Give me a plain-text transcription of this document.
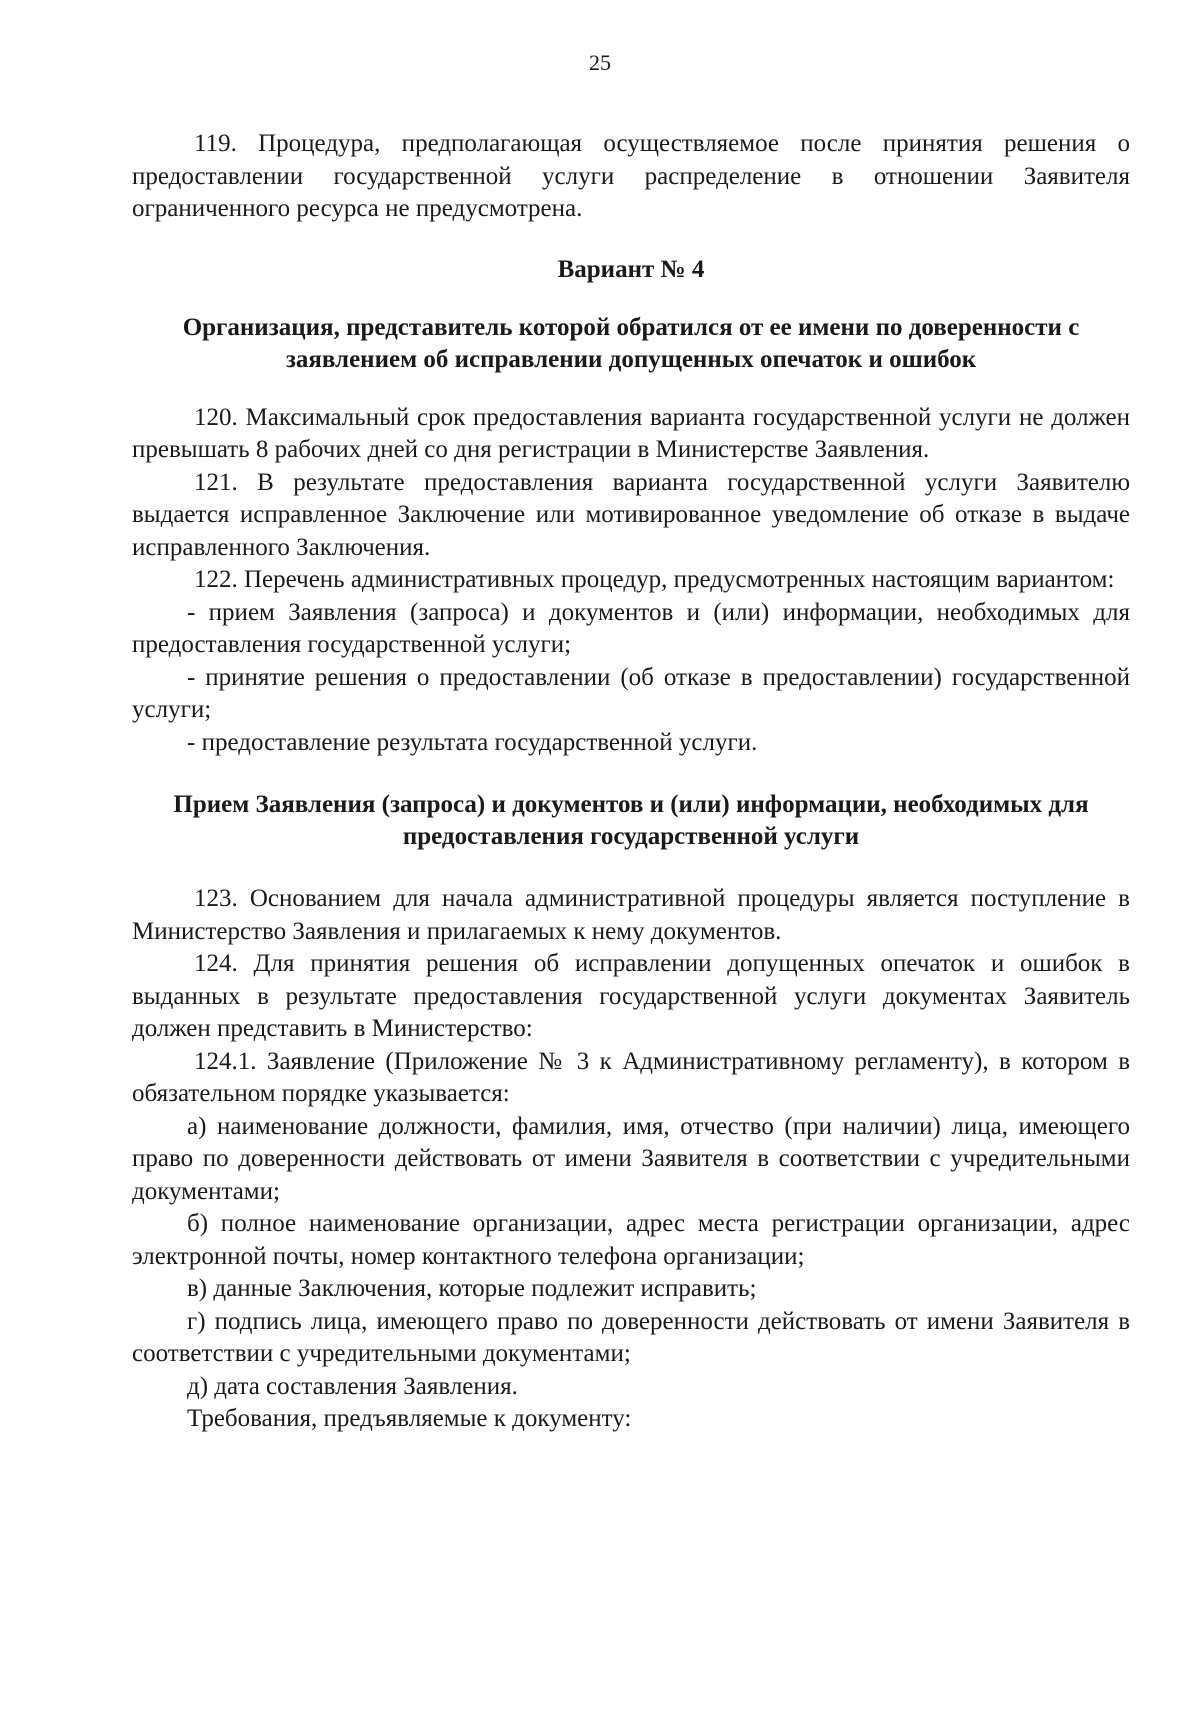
25

119. Процедура, предполагающая осуществляемое после принятия решения о предоставлении государственной услуги распределение в отношении Заявителя ограниченного ресурса не предусмотрена.

Вариант № 4
Организация, представитель которой обратился от ее имени по доверенности с заявлением об исправлении допущенных опечаток и ошибок

120. Максимальный срок предоставления варианта государственной услуги не должен превышать 8 рабочих дней со дня регистрации в Министерстве Заявления.

121. В результате предоставления варианта государственной услуги Заявителю выдается исправленное Заключение или мотивированное уведомление об отказе в выдаче исправленного Заключения.

122. Перечень административных процедур, предусмотренных настоящим вариантом:

- прием Заявления (запроса) и документов и (или) информации, необходимых для предоставления государственной услуги;

- принятие решения о предоставлении (об отказе в предоставлении) государственной услуги;

- предоставление результата государственной услуги.

Прием Заявления (запроса) и документов и (или) информации, необходимых для предоставления государственной услуги

123. Основанием для начала административной процедуры является поступление в Министерство Заявления и прилагаемых к нему документов.

124. Для принятия решения об исправлении допущенных опечаток и ошибок в выданных в результате предоставления государственной услуги документах Заявитель должен представить в Министерство:

124.1. Заявление (Приложение № 3 к Административному регламенту), в котором в обязательном порядке указывается:

а) наименование должности, фамилия, имя, отчество (при наличии) лица, имеющего право по доверенности действовать от имени Заявителя в соответствии с учредительными документами;

б) полное наименование организации, адрес места регистрации организации, адрес электронной почты, номер контактного телефона организации;

в) данные Заключения, которые подлежит исправить;

г) подпись лица, имеющего право по доверенности действовать от имени Заявителя в соответствии с учредительными документами;

д) дата составления Заявления.

Требования, предъявляемые к документу:
